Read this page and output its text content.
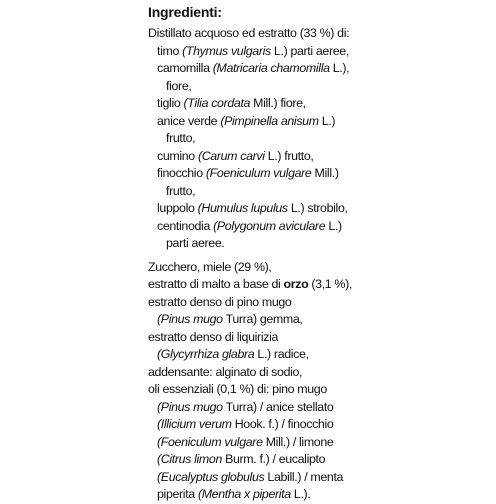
Ingredienti:
Distillato acquoso ed estratto (33 %) di:
timo (Thymus vulgaris L.) parti aeree,
camomilla (Matricaria chamomilla L.),
fiore,
tiglio (Tilia cordata Mill.) fiore,
anice verde (Pimpinella anisum L.)
frutto,
cumino (Carum carvi L.) frutto,
finocchio (Foeniculum vulgare Mill.)
frutto,
luppolo (Humulus lupulus L.) strobilo,
centinodia (Polygonum aviculare L.)
parti aeree.
Zucchero, miele (29 %),
estratto di malto a base di orzo (3,1 %),
estratto denso di pino mugo
(Pinus mugo Turra) gemma,
estratto denso di liquirizia
(Glycyrrhiza glabra L.) radice,
addensante: alginato di sodio,
oli essenziali (0,1 %) di: pino mugo
(Pinus mugo Turra) / anice stellato
(Illicium verum Hook. f.) / finocchio
(Foeniculum vulgare Mill.) / limone
(Citrus limon Burm. f.) / eucalipto
(Eucalyptus globulus Labill.) / menta
piperita (Mentha x piperita L.).
